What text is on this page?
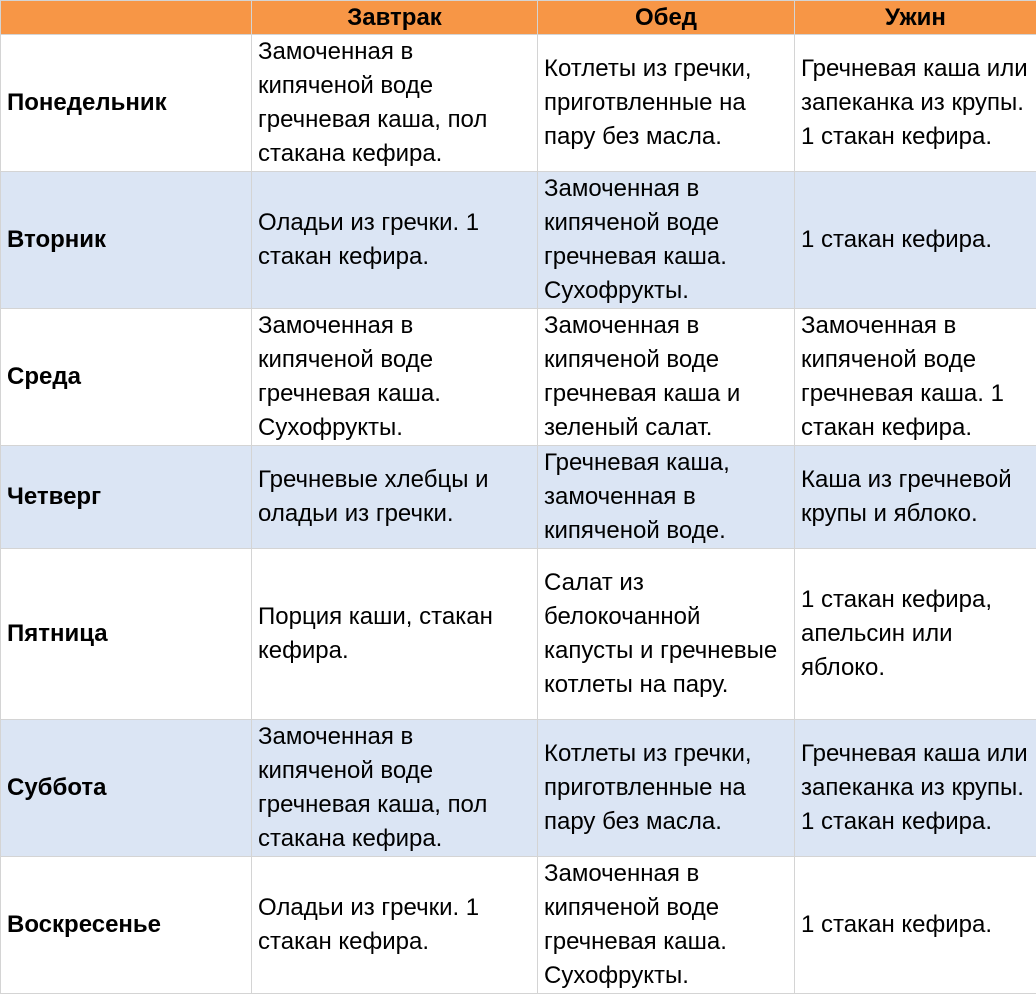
	Завтрак	Обед	Ужин
Понедельник	Замоченная в кипяченой воде гречневая каша, пол стакана кефира.	Котлеты из гречки, приготвленные на пару без масла.	Гречневая каша или запеканка из крупы. 1 стакан кефира.
Вторник	Оладьи из гречки. 1 стакан кефира.	Замоченная в кипяченой воде гречневая каша. Сухофрукты.	1 стакан кефира.
Среда	Замоченная в кипяченой воде гречневая каша. Сухофрукты.	Замоченная в кипяченой воде гречневая каша и зеленый салат.	Замоченная в кипяченой воде гречневая каша. 1 стакан кефира.
Четверг	Гречневые хлебцы и оладьи из гречки.	Гречневая каша, замоченная в кипяченой воде.	Каша из гречневой крупы и яблоко.
Пятница	Порция каши, стакан кефира.	Салат из белокочанной капусты и гречневые котлеты на пару.	1 стакан кефира, апельсин или яблоко.
Суббота	Замоченная в кипяченой воде гречневая каша, пол стакана кефира.	Котлеты из гречки, приготвленные на пару без масла.	Гречневая каша или запеканка из крупы. 1 стакан кефира.
Воскресенье	Оладьи из гречки. 1 стакан кефира.	Замоченная в кипяченой воде гречневая каша. Сухофрукты.	1 стакан кефира.
